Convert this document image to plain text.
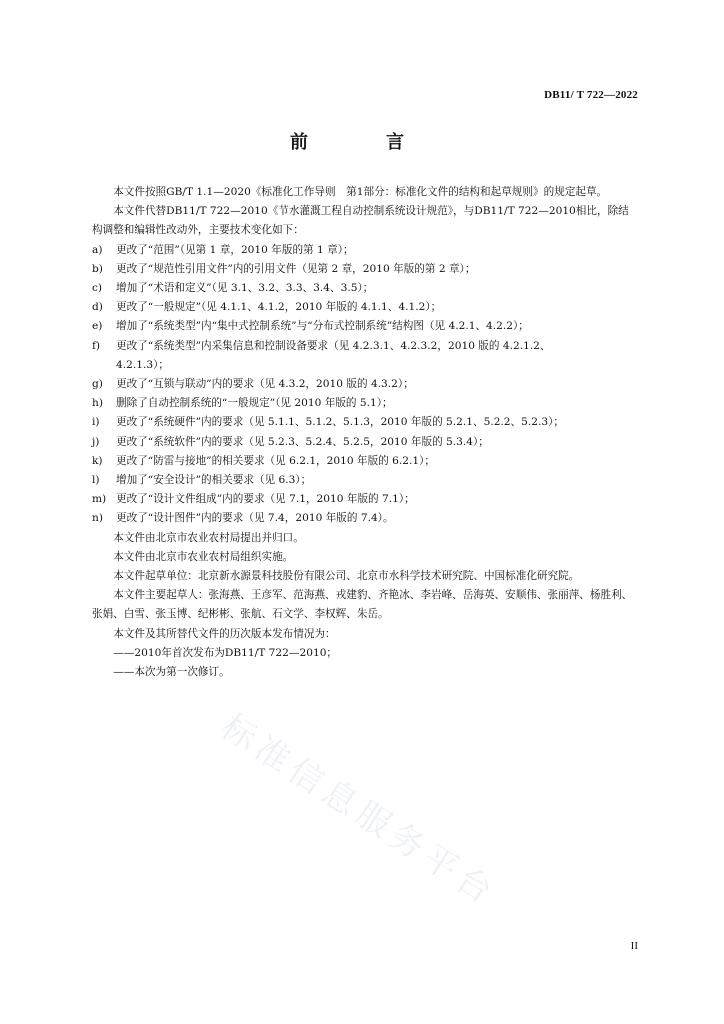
DB11/ T 722—2022
前　言
标准信息服务平台

本文件按照GB/T 1.1—2020《标准化工作导则　第1部分：标准化文件的结构和起草规则》的规定起草。

本文件代替DB11/T 722—2010《节水灌溉工程自动控制系统设计规范》，与DB11/T 722—2010相比，除结构调整和编辑性改动外，主要技术变化如下：

a) 更改了“范围”（见第 1 章，2010 年版的第 1 章）；
b) 更改了“规范性引用文件”内的引用文件（见第 2 章，2010 年版的第 2 章）；
c) 增加了“术语和定义”（见 3.1、3.2、3.3、3.4、3.5）；
d) 更改了“一般规定”（见 4.1.1、4.1.2，2010 年版的 4.1.1、4.1.2）；
e) 增加了“系统类型”内“集中式控制系统”与“分布式控制系统”结构图（见 4.2.1、4.2.2）；
f) 更改了“系统类型”内采集信息和控制设备要求（见 4.2.3.1、4.2.3.2，2010 版的 4.2.1.2、
4.2.1.3）；
g) 更改了“互锁与联动”内的要求（见 4.3.2，2010 版的 4.3.2）；
h) 删除了自动控制系统的“一般规定”（见 2010 年版的 5.1）；
i) 更改了“系统硬件”内的要求（见 5.1.1、5.1.2、5.1.3，2010 年版的 5.2.1、5.2.2、5.2.3）；
j) 更改了“系统软件”内的要求（见 5.2.3、5.2.4、5.2.5，2010 年版的 5.3.4）；
k) 更改了“防雷与接地”的相关要求（见 6.2.1，2010 年版的 6.2.1）；
l) 增加了“安全设计”的相关要求（见 6.3）；
m) 更改了“设计文件组成”内的要求（见 7.1，2010 年版的 7.1）；
n) 更改了“设计图件”内的要求（见 7.4，2010 年版的 7.4）。

本文件由北京市农业农村局提出并归口。

本文件由北京市农业农村局组织实施。

本文件起草单位：北京新水源景科技股份有限公司、北京市水科学技术研究院、中国标准化研究院。

本文件主要起草人：张海燕、王彦军、范海燕、戎建豹、齐艳冰、李岩峰、岳海英、安顺伟、张丽萍、杨胜利、张娟、白雪、张玉博、纪彬彬、张航、石文学、李权辉、朱岳。

本文件及其所替代文件的历次版本发布情况为：

——2010年首次发布为DB11/T 722—2010；

——本次为第一次修订。

II
